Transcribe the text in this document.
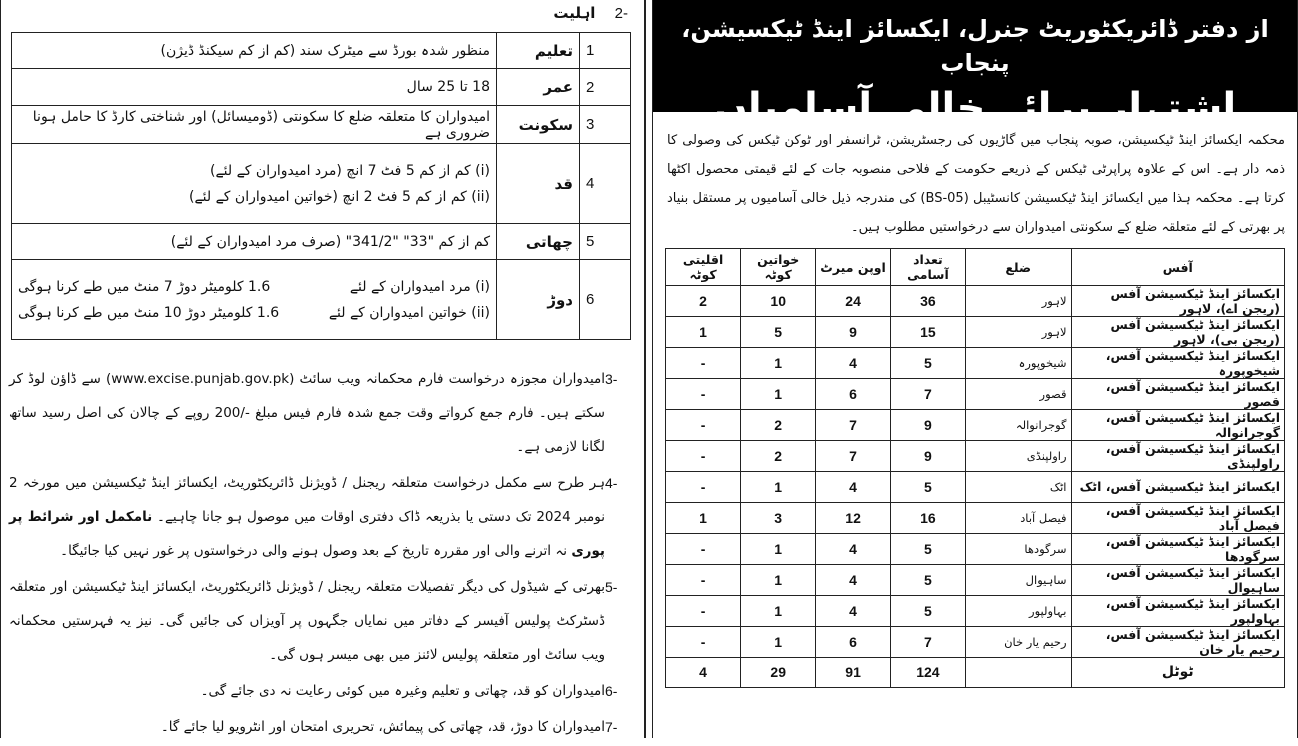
2- اہلیت
1	تعلیم	منظور شدہ بورڈ سے میٹرک سند (کم از کم سیکنڈ ڈیژن)
2	عمر	18 تا 25 سال
3	سکونت	امیدواران کا متعلقہ ضلع کا سکونتی (ڈومیسائل) اور شناختی کارڈ کا حامل ہونا ضروری ہے
4	قد	(i) کم از کم 5 فٹ 7 انچ (مرد امیدواران کے لئے)
(ii) کم از کم 5 فٹ 2 انچ (خواتین امیدواران کے لئے)

5	چھاتی	کم از کم "33" "341/2" (صرف مرد امیدواران کے لئے)
6	دوڑ	(i) مرد امیدواران کے لئے
1.6 کلومیٹر دوڑ 7 منٹ میں طے کرنا ہوگی
(ii) خواتین امیدواران کے لئے
1.6 کلومیٹر دوڑ 10 منٹ میں طے کرنا ہوگی
3-
امیدواران مجوزہ درخواست فارم محکمانہ ویب سائٹ (www.excise.punjab.gov.pk) سے ڈاؤن لوڈ کر سکتے ہیں۔ فارم جمع کرواتے وقت جمع شدہ فارم فیس مبلغ -/200 روپے کے چالان کی اصل رسید ساتھ لگانا لازمی ہے۔
4-
ہر طرح سے مکمل درخواست متعلقہ ریجنل / ڈویژنل ڈائریکٹوریٹ، ایکسائز اینڈ ٹیکسیشن میں مورخہ 2 نومبر 2024 تک دستی یا بذریعہ ڈاک دفتری اوقات میں موصول ہو جانا چاہیے۔ نامکمل اور شرائط پر پوری نہ اترنے والی اور مقررہ تاریخ کے بعد وصول ہونے والی درخواستوں پر غور نہیں کیا جائیگا۔
5-
بھرتی کے شیڈول کی دیگر تفصیلات متعلقہ ریجنل / ڈویژنل ڈائریکٹوریٹ، ایکسائز اینڈ ٹیکسیشن اور متعلقہ ڈسٹرکٹ پولیس آفیسر کے دفاتر میں نمایاں جگہوں پر آویزاں کی جائیں گی۔ نیز یہ فہرستیں محکمانہ ویب سائٹ اور متعلقہ پولیس لائنز میں بھی میسر ہوں گی۔
6-
امیدواران کو قد، چھاتی و تعلیم وغیرہ میں کوئی رعایت نہ دی جائے گی۔
7-
امیدواران کا دوڑ، قد، چھاتی کی پیمائش، تحریری امتحان اور انٹرویو لیا جائے گا۔
از دفتر ڈائریکٹوریٹ جنرل، ایکسائز اینڈ ٹیکسیشن، پنجاب
اشتہار برائے خالی آسامیاں
محکمہ ایکسائز اینڈ ٹیکسیشن، صوبہ پنجاب میں گاڑیوں کی رجسٹریشن، ٹرانسفر اور ٹوکن ٹیکس کی وصولی کا ذمہ دار ہے۔ اس کے علاوہ پراپرٹی ٹیکس کے ذریعے حکومت کے فلاحی منصوبہ جات کے لئے قیمتی محصول اکٹھا کرتا ہے۔ محکمہ ہذا میں ایکسائز اینڈ ٹیکسیشن کانسٹیبل (BS-05) کی مندرجہ ذیل خالی آسامیوں پر مستقل بنیاد پر بھرتی کے لئے متعلقہ ضلع کے سکونتی امیدواران سے درخواستیں مطلوب ہیں۔
آفس	ضلع	تعداد آسامی	اوپن میرٹ	خواتین کوٹہ	اقلیتی کوٹہ
ایکسائز اینڈ ٹیکسیشن آفس (ریجن اے)، لاہور	لاہور	36	24	10	2
ایکسائز اینڈ ٹیکسیشن آفس (ریجن بی)، لاہور	لاہور	15	9	5	1
ایکسائز اینڈ ٹیکسیشن آفس، شیخوپورہ	شیخوپورہ	5	4	1	-
ایکسائز اینڈ ٹیکسیشن آفس، قصور	قصور	7	6	1	-
ایکسائز اینڈ ٹیکسیشن آفس، گوجرانوالہ	گوجرانوالہ	9	7	2	-
ایکسائز اینڈ ٹیکسیشن آفس، راولپنڈی	راولپنڈی	9	7	2	-
ایکسائز اینڈ ٹیکسیشن آفس، اٹک	اٹک	5	4	1	-
ایکسائز اینڈ ٹیکسیشن آفس، فیصل آباد	فیصل آباد	16	12	3	1
ایکسائز اینڈ ٹیکسیشن آفس، سرگودھا	سرگودھا	5	4	1	-
ایکسائز اینڈ ٹیکسیشن آفس، ساہیوال	ساہیوال	5	4	1	-
ایکسائز اینڈ ٹیکسیشن آفس، بہاولپور	بہاولپور	5	4	1	-
ایکسائز اینڈ ٹیکسیشن آفس، رحیم یار خان	رحیم یار خان	7	6	1	-
ٹوٹل		124	91	29	4
